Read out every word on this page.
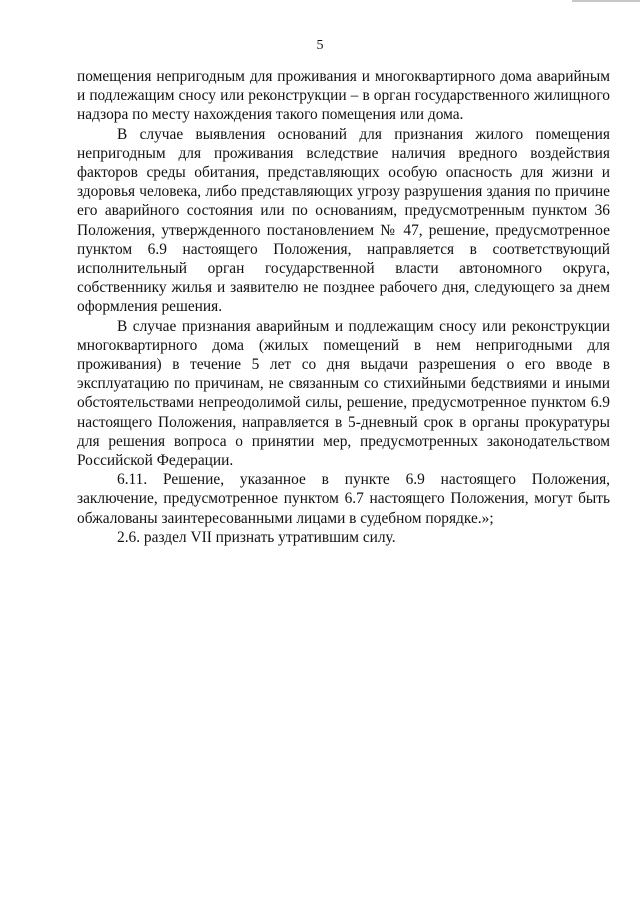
5

помещения непригодным для проживания и многоквартирного дома аварийным и подлежащим сносу или реконструкции – в орган государственного жилищного надзора по месту нахождения такого помещения или дома.

В случае выявления оснований для признания жилого помещения непригодным для проживания вследствие наличия вредного воздействия факторов среды обитания, представляющих особую опасность для жизни и здоровья человека, либо представляющих угрозу разрушения здания по причине его аварийного состояния или по основаниям, предусмотренным пунктом 36 Положения, утвержденного постановлением № 47, решение, предусмотренное пунктом 6.9 настоящего Положения, направляется в соответствующий исполнительный орган государственной власти автономного округа, собственнику жилья и заявителю не позднее рабочего дня, следующего за днем оформления решения.

В случае признания аварийным и подлежащим сносу или реконструкции многоквартирного дома (жилых помещений в нем непригодными для проживания) в течение 5 лет со дня выдачи разрешения о его вводе в эксплуатацию по причинам, не связанным со стихийными бедствиями и иными обстоятельствами непреодолимой силы, решение, предусмотренное пунктом 6.9 настоящего Положения, направляется в 5-дневный срок в органы прокуратуры для решения вопроса о принятии мер, предусмотренных законодательством Российской Федерации.

6.11. Решение, указанное в пункте 6.9 настоящего Положения, заключение, предусмотренное пунктом 6.7 настоящего Положения, могут быть обжалованы заинтересованными лицами в судебном порядке.»;

2.6. раздел VII признать утратившим силу.
